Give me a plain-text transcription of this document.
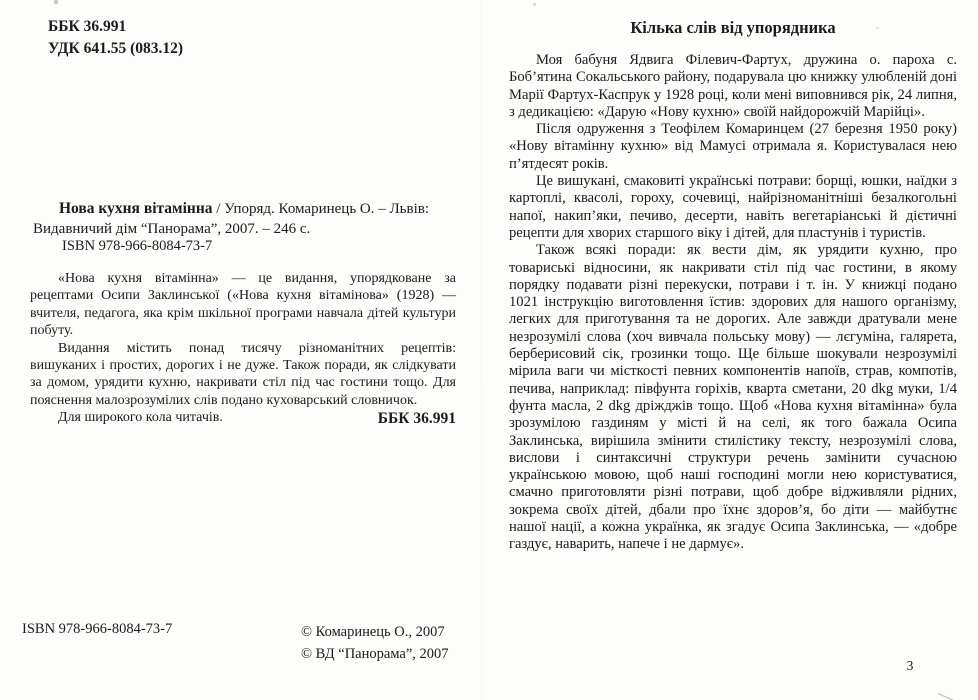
ББК 36.991
УДК 641.55 (083.12)

Нова кухня вітамінна / Упоряд. Комаринець О. – Львів: Видавничий дім “Панорама”, 2007. – 246 с.

ISBN 978-966-8084-73-7

«Нова кухня вітамінна» — це видання, упорядковане за рецептами Осипи Заклинської («Нова кухня вітамінова» (1928) — вчителя, педагога, яка крім шкільної програми навчала дітей культури побуту.

Видання містить понад тисячу різноманітних рецептів: вишуканих і простих, дорогих і не дуже. Також поради, як слідкувати за домом, урядити кухню, накривати стіл під час гостини тощо. Для пояснення малозрозумілих слів подано куховарський словничок.

Для широкого кола читачів.	ББК 36.991
ISBN 978-966-8084-73-7	© Комаринець О., 2007
© ВД “Панорама”, 2007
Кілька слів від упорядника

Моя бабуня Ядвига Філевич-Фартух, дружина о. пароха с. Боб’ятина Сокальського району, подарувала цю книжку улюбленій доні Марії Фартух-Каспрук у 1928 році, коли мені виповнився рік, 24 липня, з дедикацією: «Дарую «Нову кухню» своїй найдорожчій Марійці».

Після одруження з Теофілем Комаринцем (27 березня 1950 року) «Нову вітамінну кухню» від Мамусі отримала я. Користувалася нею п’ятдесят років.

Це вишукані, смаковиті українські потрави: борщі, юшки, наїдки з картоплі, квасолі, гороху, сочевиці, найрізноманітніші безалкогольні напої, накип’яки, печиво, десерти, навіть вегетаріанські й дієтичні рецепти для хворих старшого віку і дітей, для пластунів і туристів.

Також всякі поради: як вести дім, як урядити кухню, про товариські відносини, як накривати стіл під час гостини, в якому порядку подавати різні перекуски, потрави і т. ін. У книжці подано 1021 інструкцію виготовлення їстив: здорових для нашого організму, легких для приготування та не дорогих. Але завжди дратували мене незрозумілі слова (хоч вивчала польську мову) — лєгуміна, галярета, берберисовий сік, грозинки тощо. Ще більше шокували незрозумілі мірила ваги чи місткості певних компонентів напоїв, страв, компотів, печива, наприклад: півфунта горіхів, кварта сметани, 20 dkg муки, 1/4 фунта масла, 2 dkg дріжджів тощо. Щоб «Нова кухня вітамінна» була зрозумілою газдиням у місті й на селі, як того бажала Осипа Заклинська, вирішила змінити стилістику тексту, незрозумілі слова, вислови і синтаксичні структури речень замінити сучасною українською мовою, щоб наші господині могли нею користуватися, смачно приготовляти різні потрави, щоб добре відживляли рідних, зокрема своїх дітей, дбали про їхнє здоров’я, бо діти — майбутнє нашої нації, а кожна українка, як згадує Осипа Заклинська, — «добре газдує, наварить, напече і не дармує».

3
